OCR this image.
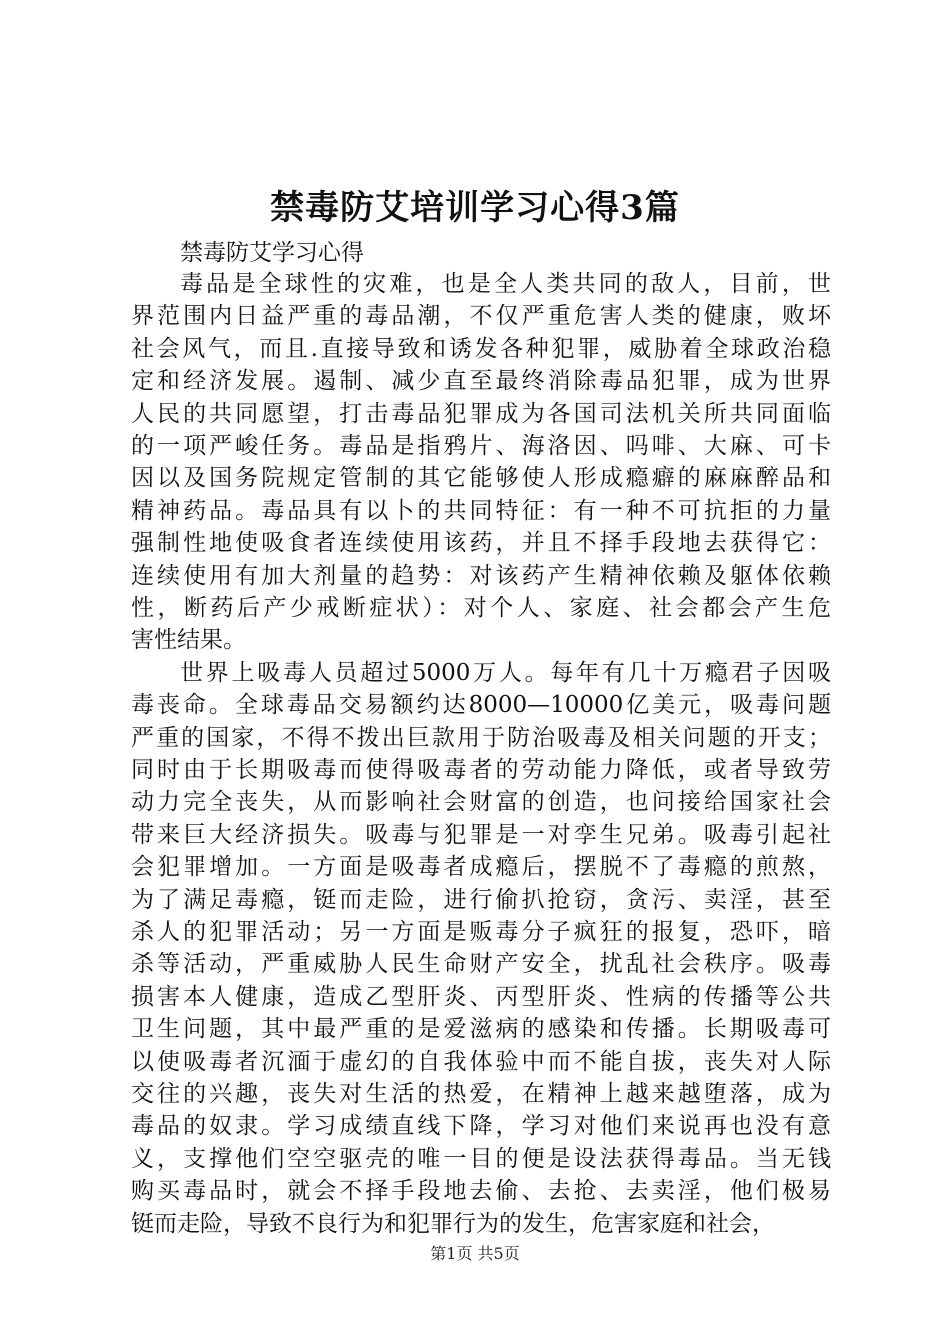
禁毒防艾培训学习心得3篇
禁毒防艾学习心得
毒品是全球性的灾难，也是全人类共同的敌人，目前，世
界范围内日益严重的毒品潮，不仅严重危害人类的健康，败坏
社会风气，而且.直接导致和诱发各种犯罪，威胁着全球政治稳
定和经济发展。遏制、减少直至最终消除毒品犯罪，成为世界
人民的共同愿望，打击毒品犯罪成为各国司法机关所共同面临
的一项严峻任务。毒品是指鸦片、海洛因、吗啡、大麻、可卡
因以及国务院规定管制的其它能够使人形成瘾癖的麻麻醉品和
精神药品。毒品具有以卜的共同特征：有一种不可抗拒的力量
强制性地使吸食者连续使用该药，并且不择手段地去获得它：
连续使用有加大剂量的趋势：对该药产生精神依赖及躯体依赖
性，断药后产少戒断症状）：对个人、家庭、社会都会产生危
害性结果。
世界上吸毒人员超过5000万人。每年有几十万瘾君子因吸
毒丧命。全球毒品交易额约达8000—10000亿美元，吸毒问题
严重的国家，不得不拨出巨款用于防治吸毒及相关问题的开支；
同时由于长期吸毒而使得吸毒者的劳动能力降低，或者导致劳
动力完全丧失，从而影响社会财富的创造，也问接给国家社会
带来巨大经济损失。吸毒与犯罪是一对孪生兄弟。吸毒引起社
会犯罪增加。一方面是吸毒者成瘾后，摆脱不了毒瘾的煎熬，
为了满足毒瘾，铤而走险，进行偷扒抢窃，贪污、卖淫，甚至
杀人的犯罪活动；另一方面是贩毒分子疯狂的报复，恐吓，暗
杀等活动，严重威胁人民生命财产安全，扰乱社会秩序。吸毒
损害本人健康，造成乙型肝炎、丙型肝炎、性病的传播等公共
卫生问题，其中最严重的是爱滋病的感染和传播。长期吸毒可
以使吸毒者沉湎于虚幻的自我体验中而不能自拔，丧失对人际
交往的兴趣，丧失对生活的热爱，在精神上越来越堕落，成为
毒品的奴隶。学习成绩直线下降，学习对他们来说再也没有意
义，支撑他们空空驱壳的唯一目的便是设法获得毒品。当无钱
购买毒品时，就会不择手段地去偷、去抢、去卖淫，他们极易
铤而走险，导致不良行为和犯罪行为的发生，危害家庭和社会，
第1页 共5页
